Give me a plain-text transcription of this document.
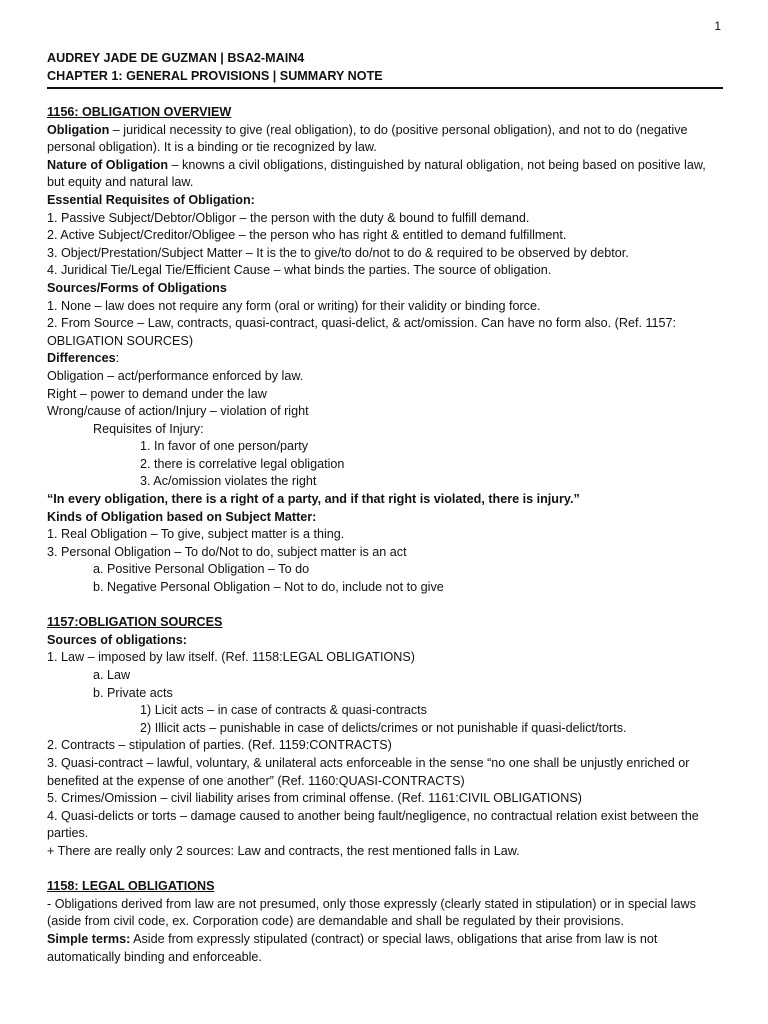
1
AUDREY JADE DE GUZMAN | BSA2-MAIN4
CHAPTER 1: GENERAL PROVISIONS | SUMMARY NOTE
1156: OBLIGATION OVERVIEW
Obligation – juridical necessity to give (real obligation), to do (positive personal obligation), and not to do (negative personal obligation). It is a binding or tie recognized by law.
Nature of Obligation – knowns a civil obligations, distinguished by natural obligation, not being based on positive law, but equity and natural law.
Essential Requisites of Obligation:
1. Passive Subject/Debtor/Obligor – the person with the duty & bound to fulfill demand.
2. Active Subject/Creditor/Obligee – the person who has right & entitled to demand fulfillment.
3. Object/Prestation/Subject Matter – It is the to give/to do/not to do & required to be observed by debtor.
4. Juridical Tie/Legal Tie/Efficient Cause – what binds the parties. The source of obligation.
Sources/Forms of Obligations
1. None – law does not require any form (oral or writing) for their validity or binding force.
2. From Source – Law, contracts, quasi-contract, quasi-delict, & act/omission. Can have no form also. (Ref. 1157: OBLIGATION SOURCES)
Differences:
Obligation – act/performance enforced by law.
Right – power to demand under the law
Wrong/cause of action/Injury – violation of right
Requisites of Injury:
1. In favor of one person/party
2. there is correlative legal obligation
3. Ac/omission violates the right
“In every obligation, there is a right of a party, and if that right is violated, there is injury.”
Kinds of Obligation based on Subject Matter:
1. Real Obligation – To give, subject matter is a thing.
3. Personal Obligation – To do/Not to do, subject matter is an act
a. Positive Personal Obligation – To do
b. Negative Personal Obligation – Not to do, include not to give
1157:OBLIGATION SOURCES
Sources of obligations:
1. Law – imposed by law itself. (Ref. 1158:LEGAL OBLIGATIONS)
a. Law
b. Private acts
1) Licit acts – in case of contracts & quasi-contracts
2) Illicit acts – punishable in case of delicts/crimes or not punishable if quasi-delict/torts.
2. Contracts – stipulation of parties. (Ref. 1159:CONTRACTS)
3. Quasi-contract – lawful, voluntary, & unilateral acts enforceable in the sense “no one shall be unjustly enriched or benefited at the expense of one another” (Ref. 1160:QUASI-CONTRACTS)
5. Crimes/Omission – civil liability arises from criminal offense. (Ref. 1161:CIVIL OBLIGATIONS)
4. Quasi-delicts or torts – damage caused to another being fault/negligence, no contractual relation exist between the parties.
+ There are really only 2 sources: Law and contracts, the rest mentioned falls in Law.
1158: LEGAL OBLIGATIONS
- Obligations derived from law are not presumed, only those expressly (clearly stated in stipulation) or in special laws (aside from civil code, ex. Corporation code) are demandable and shall be regulated by their provisions.
Simple terms: Aside from expressly stipulated (contract) or special laws, obligations that arise from law is not automatically binding and enforceable.
